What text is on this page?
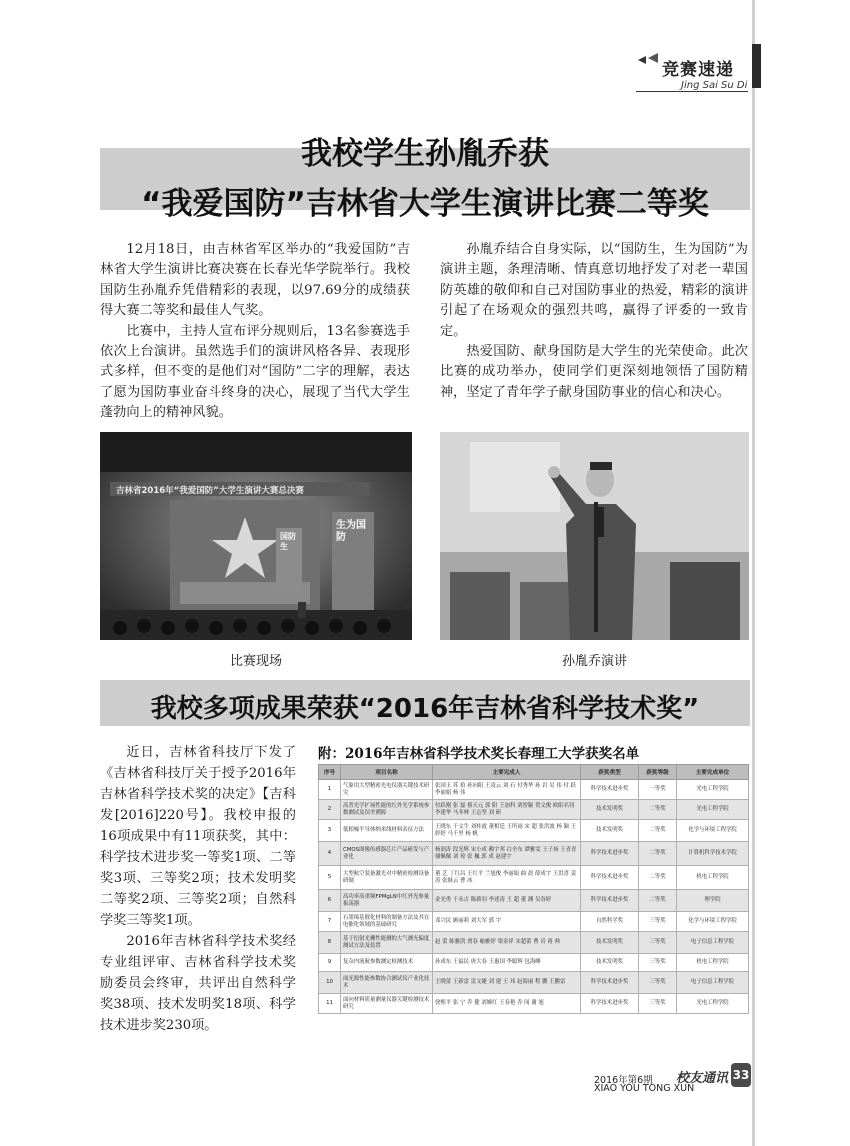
竞赛速递
Jing Sai Su Di
我校学生孙胤乔获
“我爱国防”吉林省大学生演讲比赛二等奖

12月18日，由吉林省军区举办的“我爱国防”吉林省大学生演讲比赛决赛在长春光华学院举行。我校国防生孙胤乔凭借精彩的表现，以97.69分的成绩获得大赛二等奖和最佳人气奖。

比赛中，主持人宣布评分规则后，13名参赛选手依次上台演讲。虽然选手们的演讲风格各异、表现形式多样，但不变的是他们对“国防”二字的理解，表达了愿为国防事业奋斗终身的决心，展现了当代大学生蓬勃向上的精神风貌。

孙胤乔结合自身实际，以“国防生，生为国防”为演讲主题，条理清晰、情真意切地抒发了对老一辈国防英雄的敬仰和自己对国防事业的热爱，精彩的演讲引起了在场观众的强烈共鸣，赢得了评委的一致肯定。

热爱国防、献身国防是大学生的光荣使命。此次比赛的成功举办，使同学们更深刻地领悟了国防精神，坚定了青年学子献身国防事业的信心和决心。

吉林省2016年“我爱国防”大学生演讲大赛总决赛
生为国防
国防生
比赛现场	孙胤乔演讲
我校多项成果荣获“2016年吉林省科学技术奖”

近日，吉林省科技厅下发了《吉林省科技厅关于授予2016年吉林省科学技术奖的决定》【吉科发[2016]220号】。我校申报的16项成果中有11项获奖，其中：科学技术进步奖一等奖1项、二等奖3项、三等奖2项；技术发明奖二等奖2项、三等奖2项；自然科学奖三等奖1项。

2016年吉林省科学技术奖经专业组评审、吉林省科学技术奖励委员会终审，共评出自然科学奖38项、技术发明奖18项、科学技术进步奖230项。

附：2016年吉林省科学技术奖长春理工大学获奖名单
序号	项目名称	主要完成人	获奖类型	获奖等级	主要完成单位
1	气象用大型精密光电仪器关键技术研究	张国玉 苏 拾 孙向阳 王凌云 刘 石 付秀华 孙 岩 吴 伟 付 跃 李丽娟 杨 伟	科学技术进步奖	一等奖	光电工程学院
2	高普光学扩展性能的红外光学系统参数测试及误差溯源	付跃刚 张 磊 蔡天元 郭 阳 王加科 刘智颖 贺文俊 欧阳名钊 李建华 马冬林 王志坚 刘 研	技术发明奖	二等奖	光电工程学院
3	低相噪半导体纳米线材料表征方法	王晓东 于文生 刘桂霞 董相廷 王所雨 宋 超 张洪波 杨 颖 王婷婷 马千里 杨 帆	技术发明奖	二等奖	化学与环境工程学院
4	CMOS图像传感器芯片产品研发与产业化	杨润涛 段光辉 宋小成 赖宇邦 白全东 谭雅雯 王子扬 王青青 谢佩佩 刘 琼 张 巍 郭 成 赵建宇	科学技术进步奖	二等奖	计算机科学技术学院
5	大型航空装备激光对中精密检测设备研制	董 艺 丁红昌 王红平 兰旭俊 李丽娟 曲 晨 薛成宇 王洪喜 姜 涛 张继云 曹 冰	科学技术进步奖	二等奖	机电工程学院
6	高功率高重频FPMgLN中红外光参量振荡器	金光勇 于永吉 陈薪羽 李述涛 王 超 董 渊 吴春婷	科学技术进步奖	二等奖	理学院
7	石墨烯基催化材料的制备方法及其在电催化领域的基础研究	邓兴民 顾丽莉 刘大军 郭 宇	自然科学奖	三等奖	化学与环境工程学院
8	基于衍射光栅性能测的大气测光偏度测试方法及装置	赵 蕾 陈雅凯 贾春 喻雅婷 梁金祥 宋超蕾 曹 岩 蒋 帅	技术发明奖	三等奖	电子信息工程学院
9	复杂内流航参数测定检测技术	孙成东 王福民 唐大春 王惠国 李聪辉 包海峰	技术发明奖	三等奖	机电工程学院
10	面光源性能参数协合测试仪产业化技术	王晓蕾 王新雷 雷文婕 刘 建 王 玮 赵海丽 程 鹏 王鹏雷	科学技术进步奖	三等奖	电子信息工程学院
11	面向材料质量测量仪器关键检测技术研究	徐熙平 张 宁 乔 健 刘婉红 王春艳 乔 闯 谢 旭	科学技术进步奖	三等奖	光电工程学院
2016年第6期
XIAO YOU TONG XUN
校友通讯 33
